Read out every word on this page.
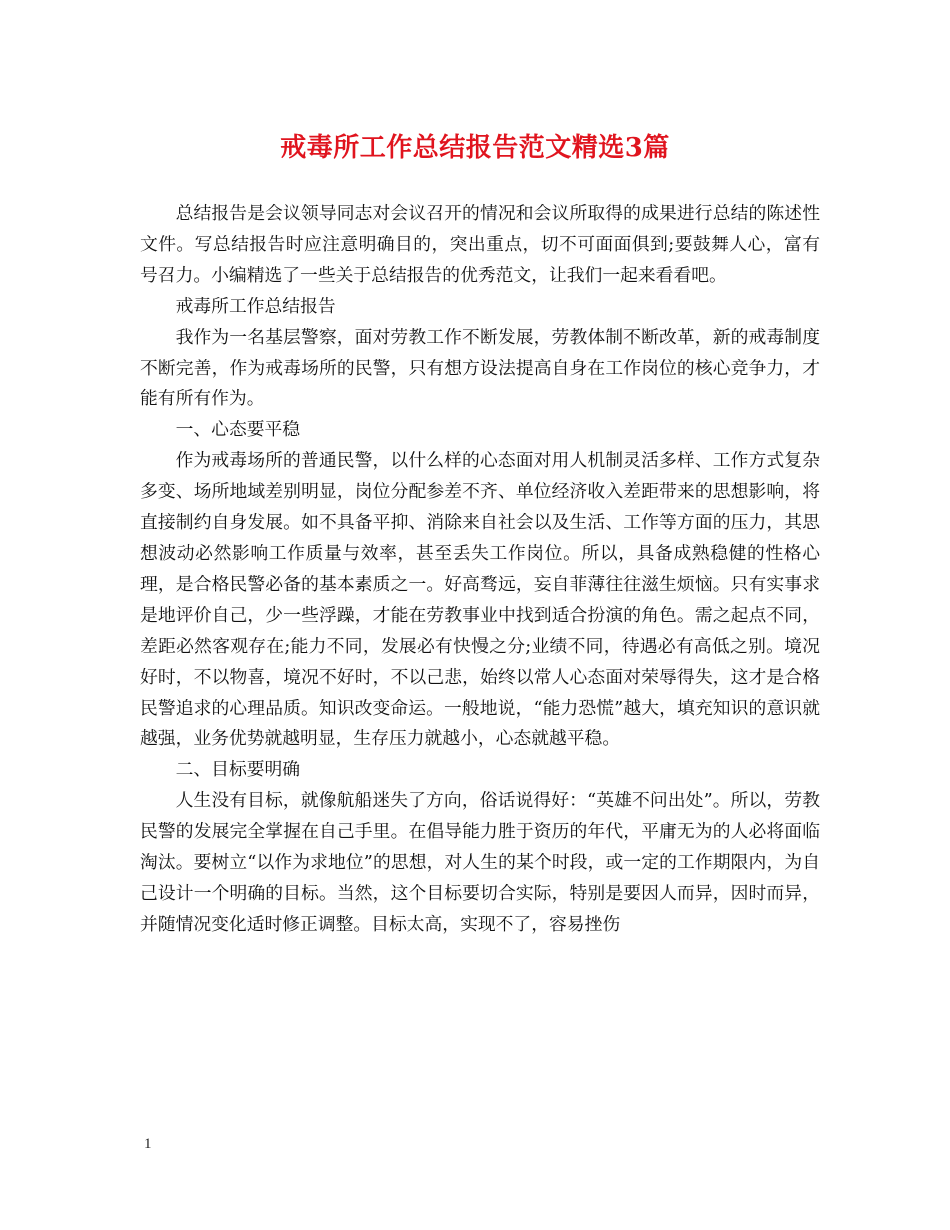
戒毒所工作总结报告范文精选3篇

总结报告是会议领导同志对会议召开的情况和会议所取得的成果进行总结的陈述性文件。写总结报告时应注意明确目的，突出重点，切不可面面俱到;要鼓舞人心，富有号召力。小编精选了一些关于总结报告的优秀范文，让我们一起来看看吧。

戒毒所工作总结报告

我作为一名基层警察，面对劳教工作不断发展，劳教体制不断改革，新的戒毒制度不断完善，作为戒毒场所的民警，只有想方设法提高自身在工作岗位的核心竞争力，才能有所有作为。

一、心态要平稳

作为戒毒场所的普通民警，以什么样的心态面对用人机制灵活多样、工作方式复杂多变、场所地域差别明显，岗位分配参差不齐、单位经济收入差距带来的思想影响，将直接制约自身发展。如不具备平抑、消除来自社会以及生活、工作等方面的压力，其思想波动必然影响工作质量与效率，甚至丢失工作岗位。所以，具备成熟稳健的性格心理，是合格民警必备的基本素质之一。好高骛远，妄自菲薄往往滋生烦恼。只有实事求是地评价自己，少一些浮躁，才能在劳教事业中找到适合扮演的角色。需之起点不同，差距必然客观存在;能力不同，发展必有快慢之分;业绩不同，待遇必有高低之别。境况好时，不以物喜，境况不好时，不以己悲，始终以常人心态面对荣辱得失，这才是合格民警追求的心理品质。知识改变命运。一般地说，“能力恐慌”越大，填充知识的意识就越强，业务优势就越明显，生存压力就越小，心态就越平稳。

二、目标要明确

人生没有目标，就像航船迷失了方向，俗话说得好：“英雄不问出处”。所以，劳教民警的发展完全掌握在自己手里。在倡导能力胜于资历的年代，平庸无为的人必将面临淘汰。要树立“以作为求地位”的思想，对人生的某个时段，或一定的工作期限内，为自己设计一个明确的目标。当然，这个目标要切合实际，特别是要因人而异，因时而异，并随情况变化适时修正调整。目标太高，实现不了，容易挫伤

1
